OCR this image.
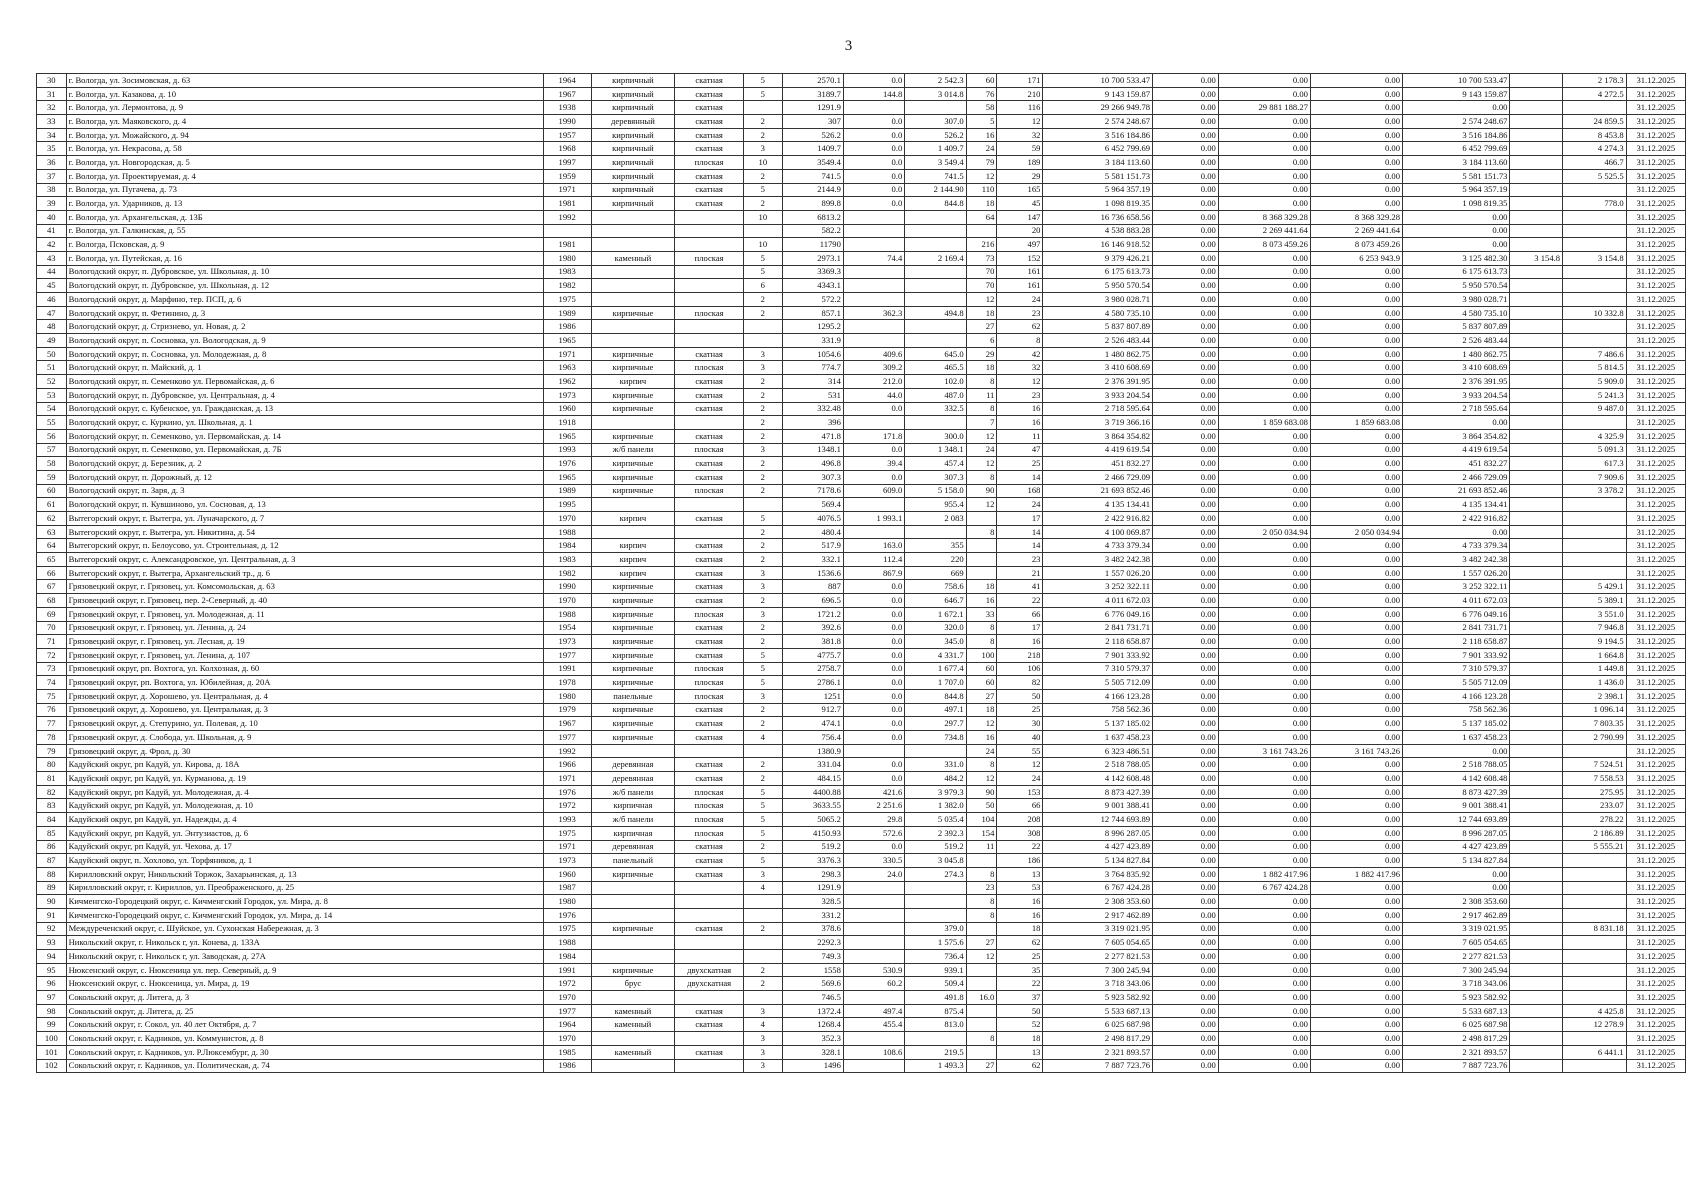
3
30	г. Вологда, ул. Зосимовская, д. 63	1964	кирпичный	скатная	5	2570.1	0.0	2 542.3	60	171	10 700 533.47	0.00	0.00	0.00	10 700 533.47		2 178.3	31.12.2025
31	г. Вологда, ул. Казакова, д. 10	1967	кирпичный	скатная	5	3189.7	144.8	3 014.8	76	210	9 143 159.87	0.00	0.00	0.00	9 143 159.87		4 272.5	31.12.2025
32	г. Вологда, ул. Лермонтова, д. 9	1938	кирпичный	скатная		1291.9			58	116	29 266 949.78	0.00	29 881 188.27	0.00	0.00			31.12.2025
33	г. Вологда, ул. Маяковского, д. 4	1990	деревянный	скатная	2	307	0.0	307.0	5	12	2 574 248.67	0.00	0.00	0.00	2 574 248.67		24 859.5	31.12.2025
34	г. Вологда, ул. Можайского, д. 94	1957	кирпичный	скатная	2	526.2	0.0	526.2	16	32	3 516 184.86	0.00	0.00	0.00	3 516 184.86		8 453.8	31.12.2025
35	г. Вологда, ул. Некрасова, д. 58	1968	кирпичный	скатная	3	1409.7	0.0	1 409.7	24	59	6 452 799.69	0.00	0.00	0.00	6 452 799.69		4 274.3	31.12.2025
36	г. Вологда, ул. Новгородская, д. 5	1997	кирпичный	плоская	10	3549.4	0.0	3 549.4	79	189	3 184 113.60	0.00	0.00	0.00	3 184 113.60		466.7	31.12.2025
37	г. Вологда, ул. Проектируемая, д. 4	1959	кирпичный	скатная	2	741.5	0.0	741.5	12	29	5 581 151.73	0.00	0.00	0.00	5 581 151.73		5 525.5	31.12.2025
38	г. Вологда, ул. Пугачева, д. 73	1971	кирпичный	скатная	5	2144.9	0.0	2 144.90	110	165	5 964 357.19	0.00	0.00	0.00	5 964 357.19			31.12.2025
39	г. Вологда, ул. Ударников, д. 13	1981	кирпичный	скатная	2	899.8	0.0	844.8	18	45	1 098 819.35	0.00	0.00	0.00	1 098 819.35		778.0	31.12.2025
40	г. Вологда, ул. Архангельская, д. 13Б	1992			10	6813.2			64	147	16 736 658.56	0.00	8 368 329.28	8 368 329.28	0.00			31.12.2025
41	г. Вологда, ул. Галкинская, д. 55					582.2				20	4 538 883.28	0.00	2 269 441.64	2 269 441.64	0.00			31.12.2025
42	г. Вологда, Псковская, д. 9	1981			10	11790			216	497	16 146 918.52	0.00	8 073 459.26	8 073 459.26	0.00			31.12.2025
43	г. Вологда, ул. Путейская, д. 16	1980	каменный	плоская	5	2973.1	74.4	2 169.4	73	152	9 379 426.21	0.00	0.00	6 253 943.9	3 125 482.30	3 154.8	3 154.8	31.12.2025
44	Вологодский округ, п. Дубровское, ул. Школьная, д. 10	1983			5	3369.3			70	161	6 175 613.73	0.00	0.00	0.00	6 175 613.73			31.12.2025
45	Вологодский округ, п. Дубровское, ул. Школьная, д. 12	1982			6	4343.1			70	161	5 950 570.54	0.00	0.00	0.00	5 950 570.54			31.12.2025
46	Вологодский округ, д. Марфино, тер. ПСП, д. 6	1975			2	572.2			12	24	3 980 028.71	0.00	0.00	0.00	3 980 028.71			31.12.2025
47	Вологодский округ, п. Фетинино, д. 3	1989	кирпичные	плоская	2	857.1	362.3	494.8	18	23	4 580 735.10	0.00	0.00	0.00	4 580 735.10		10 332.8	31.12.2025
48	Вологодский округ, д. Стризнево, ул. Новая, д. 2	1986				1295.2			27	62	5 837 807.89	0.00	0.00	0.00	5 837 807.89			31.12.2025
49	Вологодский округ, п. Сосновка, ул. Вологодская, д. 9	1965				331.9			6	8	2 526 483.44	0.00	0.00	0.00	2 526 483.44			31.12.2025
50	Вологодский округ, п. Сосновка, ул. Молодежная, д. 8	1971	кирпичные	скатная	3	1054.6	409.6	645.0	29	42	1 480 862.75	0.00	0.00	0.00	1 480 862.75		7 486.6	31.12.2025
51	Вологодский округ, п. Майский, д. 1	1963	кирпичные	плоская	3	774.7	309.2	465.5	18	32	3 410 608.69	0.00	0.00	0.00	3 410 608.69		5 814.5	31.12.2025
52	Вологодский округ, п. Семенково ул. Первомайская, д. 6	1962	кирпич	скатная	2	314	212.0	102.0	8	12	2 376 391.95	0.00	0.00	0.00	2 376 391.95		5 909.0	31.12.2025
53	Вологодский округ, п. Дубровское, ул. Центральная, д. 4	1973	кирпичные	скатная	2	531	44.0	487.0	11	23	3 933 204.54	0.00	0.00	0.00	3 933 204.54		5 241.3	31.12.2025
54	Вологодский округ, с. Кубенское, ул. Гражданская, д. 13	1960	кирпичные	скатная	2	332.48	0.0	332.5	8	16	2 718 595.64	0.00	0.00	0.00	2 718 595.64		9 487.0	31.12.2025
55	Вологодский округ, с. Куркино, ул. Школьная, д. 1	1918			2	396			7	16	3 719 366.16	0.00	1 859 683.08	1 859 683.08	0.00			31.12.2025
56	Вологодский округ, п. Семенково, ул. Первомайская, д. 14	1965	кирпичные	скатная	2	471.8	171.8	300.0	12	11	3 864 354.82	0.00	0.00	0.00	3 864 354.82		4 325.9	31.12.2025
57	Вологодский округ, п. Семенково, ул. Первомайская, д. 7Б	1993	ж/б панели	плоская	3	1348.1	0.0	1 348.1	24	47	4 419 619.54	0.00	0.00	0.00	4 419 619.54		5 091.3	31.12.2025
58	Вологодский округ, д. Березник, д. 2	1976	кирпичные	скатная	2	496.8	39.4	457.4	12	25	451 832.27	0.00	0.00	0.00	451 832.27		617.3	31.12.2025
59	Вологодский округ, п. Дорожный, д. 12	1965	кирпичные	скатная	2	307.3	0.0	307.3	8	14	2 466 729.09	0.00	0.00	0.00	2 466 729.09		7 909.6	31.12.2025
60	Вологодский округ, п. Заря, д. 3	1989	кирпичные	плоская	2	7178.6	609.0	5 158.0	90	168	21 693 852.46	0.00	0.00	0.00	21 693 852.46		3 378.2	31.12.2025
61	Вологодский округ, п. Кувшиново, ул. Сосновая, д. 13	1995				569.4		955.4	12	24	4 135 134.41	0.00	0.00	0.00	4 135 134.41			31.12.2025
62	Вытегорский округ, г. Вытегра, ул. Луначарского, д. 7	1970	кирпич	скатная	5	4076.5	1 993.1	2 083		17	2 422 916.82	0.00	0.00	0.00	2 422 916.82			31.12.2025
63	Вытегорский округ, г. Вытегра, ул. Никитина, д. 54	1988			2	480.4			8	14	4 100 069.87	0.00	2 050 034.94	2 050 034.94	0.00			31.12.2025
64	Вытегорский округ, п. Белоусово, ул. Строительная, д. 12	1984	кирпич	скатная	2	517.9	163.0	355		14	4 733 379.34	0.00	0.00	0.00	4 733 379.34			31.12.2025
65	Вытегорский округ, с. Александровское, ул. Центральная, д. 3	1983	кирпич	скатная	2	332.1	112.4	220		23	3 482 242.38	0.00	0.00	0.00	3 482 242.38			31.12.2025
66	Вытегорский округ, г. Вытегра, Архангельский тр., д. 6	1982	кирпич	скатная	3	1536.6	867.9	669		21	1 557 026.20	0.00	0.00	0.00	1 557 026.20			31.12.2025
67	Грязовецкий округ, г. Грязовец, ул. Комсомольская, д. 63	1990	кирпичные	скатная	3	887	0.0	758.6	18	41	3 252 322.11	0.00	0.00	0.00	3 252 322.11		5 429.1	31.12.2025
68	Грязовецкий округ, г. Грязовец, пер. 2-Северный, д. 40	1970	кирпичные	скатная	2	696.5	0.0	646.7	16	22	4 011 672.03	0.00	0.00	0.00	4 011 672.03		5 389.1	31.12.2025
69	Грязовецкий округ, г. Грязовец, ул. Молодежная, д. 11	1988	кирпичные	плоская	3	1721.2	0.0	1 672.1	33	66	6 776 049.16	0.00	0.00	0.00	6 776 049.16		3 551.0	31.12.2025
70	Грязовецкий округ, г. Грязовец, ул. Ленина, д. 24	1954	кирпичные	скатная	2	392.6	0.0	320.0	8	17	2 841 731.71	0.00	0.00	0.00	2 841 731.71		7 946.8	31.12.2025
71	Грязовецкий округ, г. Грязовец, ул. Лесная, д. 19	1973	кирпичные	скатная	2	381.8	0.0	345.0	8	16	2 118 658.87	0.00	0.00	0.00	2 118 658.87		9 194.5	31.12.2025
72	Грязовецкий округ, г. Грязовец, ул. Ленина, д. 107	1977	кирпичные	скатная	5	4775.7	0.0	4 331.7	100	218	7 901 333.92	0.00	0.00	0.00	7 901 333.92		1 664.8	31.12.2025
73	Грязовецкий округ, рп. Вохтога, ул. Колхозная, д. 60	1991	кирпичные	плоская	5	2758.7	0.0	1 677.4	60	106	7 310 579.37	0.00	0.00	0.00	7 310 579.37		1 449.8	31.12.2025
74	Грязовецкий округ, рп. Вохтога, ул. Юбилейная, д. 20А	1978	кирпичные	плоская	5	2786.1	0.0	1 707.0	60	82	5 505 712.09	0.00	0.00	0.00	5 505 712.09		1 436.0	31.12.2025
75	Грязовецкий округ, д. Хорошево, ул. Центральная, д. 4	1980	панельные	плоская	3	1251	0.0	844.8	27	50	4 166 123.28	0.00	0.00	0.00	4 166 123.28		2 398.1	31.12.2025
76	Грязовецкий округ, д. Хорошево, ул. Центральная, д. 3	1979	кирпичные	скатная	2	912.7	0.0	497.1	18	25	758 562.36	0.00	0.00	0.00	758 562.36		1 096.14	31.12.2025
77	Грязовецкий округ, д. Степурино, ул. Полевая, д. 10	1967	кирпичные	скатная	2	474.1	0.0	297.7	12	30	5 137 185.02	0.00	0.00	0.00	5 137 185.02		7 803.35	31.12.2025
78	Грязовецкий округ, д. Слобода, ул. Школьная, д. 9	1977	кирпичные	скатная	4	756.4	0.0	734.8	16	40	1 637 458.23	0.00	0.00	0.00	1 637 458.23		2 790.99	31.12.2025
79	Грязовецкий округ, д. Фрол, д. 30	1992				1380.9			24	55	6 323 486.51	0.00	3 161 743.26	3 161 743.26	0.00			31.12.2025
80	Кадуйский округ, рп Кадуй, ул. Кирова, д. 18А	1966	деревянная	скатная	2	331.04	0.0	331.0	8	12	2 518 788.05	0.00	0.00	0.00	2 518 788.05		7 524.51	31.12.2025
81	Кадуйский округ, рп Кадуй, ул. Курманова, д. 19	1971	деревянная	скатная	2	484.15	0.0	484.2	12	24	4 142 608.48	0.00	0.00	0.00	4 142 608.48		7 558.53	31.12.2025
82	Кадуйский округ, рп Кадуй, ул. Молодежная, д. 4	1976	ж/б панели	плоская	5	4400.88	421.6	3 979.3	90	153	8 873 427.39	0.00	0.00	0.00	8 873 427.39		275.95	31.12.2025
83	Кадуйский округ, рп Кадуй, ул. Молодежная, д. 10	1972	кирпичная	плоская	5	3633.55	2 251.6	1 382.0	50	66	9 001 388.41	0.00	0.00	0.00	9 001 388.41		233.07	31.12.2025
84	Кадуйский округ, рп Кадуй, ул. Надежды, д. 4	1993	ж/б панели	плоская	5	5065.2	29.8	5 035.4	104	208	12 744 693.89	0.00	0.00	0.00	12 744 693.89		278.22	31.12.2025
85	Кадуйский округ, рп Кадуй, ул. Энтузиастов, д. 6	1975	кирпичная	плоская	5	4150.93	572.6	2 392.3	154	308	8 996 287.05	0.00	0.00	0.00	8 996 287.05		2 186.89	31.12.2025
86	Кадуйский округ, рп Кадуй, ул. Чехова, д. 17	1971	деревянная	скатная	2	519.2	0.0	519.2	11	22	4 427 423.89	0.00	0.00	0.00	4 427 423.89		5 555.21	31.12.2025
87	Кадуйский округ, п. Хохлово, ул. Торфяников, д. 1	1973	панельный	скатная	5	3376.3	330.5	3 045.8		186	5 134 827.84	0.00	0.00	0.00	5 134 827.84			31.12.2025
88	Кирилловский округ, Никольский Торжок, Захарьинская, д. 13	1960	кирпичные	скатная	3	298.3	24.0	274.3	8	13	3 764 835.92	0.00	1 882 417.96	1 882 417.96	0.00			31.12.2025
89	Кирилловский округ, г. Кириллов, ул. Преображенского, д. 25	1987			4	1291.9			23	53	6 767 424.28	0.00	6 767 424.28	0.00	0.00			31.12.2025
90	Кичменгско-Городецкий округ, с. Кичменгский Городок, ул. Мира, д. 8	1980				328.5			8	16	2 308 353.60	0.00	0.00	0.00	2 308 353.60			31.12.2025
91	Кичменгско-Городецкий округ, с. Кичменгский Городок, ул. Мира, д. 14	1976				331.2			8	16	2 917 462.89	0.00	0.00	0.00	2 917 462.89			31.12.2025
92	Междуреченский округ, с. Шуйское, ул. Сухонская Набережная, д. 3	1975	кирпичные	скатная	2	378.6		379.0		18	3 319 021.95	0.00	0.00	0.00	3 319 021.95		8 831.18	31.12.2025
93	Никольский округ, г. Никольск г, ул. Конева, д. 133А	1988				2292.3		1 575.6	27	62	7 605 054.65	0.00	0.00	0.00	7 605 054.65			31.12.2025
94	Никольский округ, г. Никольск г, ул. Заводская, д. 27А	1984				749.3		736.4	12	25	2 277 821.53	0.00	0.00	0.00	2 277 821.53			31.12.2025
95	Нюксенский округ, с. Нюксеница ул. пер. Северный, д. 9	1991	кирпичные	двухскатная	2	1558	530.9	939.1		35	7 300 245.94	0.00	0.00	0.00	7 300 245.94			31.12.2025
96	Нюксенский округ, с. Нюксеница, ул. Мира, д. 19	1972	брус	двухскатная	2	569.6	60.2	509.4		22	3 718 343.06	0.00	0.00	0.00	3 718 343.06			31.12.2025
97	Сокольский округ, д. Литега, д. 3	1970				746.5		491.8	16.0	37	5 923 582.92	0.00	0.00	0.00	5 923 582.92			31.12.2025
98	Сокольский округ, д. Литега, д. 25	1977	каменный	скатная	3	1372.4	497.4	875.4		50	5 533 687.13	0.00	0.00	0.00	5 533 687.13		4 425.8	31.12.2025
99	Сокольский округ, г. Сокол, ул. 40 лет Октября, д. 7	1964	каменный	скатная	4	1268.4	455.4	813.0		52	6 025 687.98	0.00	0.00	0.00	6 025 687.98		12 278.9	31.12.2025
100	Сокольский округ, г. Кадников, ул. Коммунистов, д. 8	1970			3	352.3			8	18	2 498 817.29	0.00	0.00	0.00	2 498 817.29			31.12.2025
101	Сокольский округ, г. Кадников, ул. Р.Люксембург, д. 30	1985	каменный	скатная	3	328.1	108.6	219.5		13	2 321 893.57	0.00	0.00	0.00	2 321 893.57		6 441.1	31.12.2025
102	Сокольский округ, г. Кадников, ул. Политическая, д. 74	1986			3	1496		1 493.3	27	62	7 887 723.76	0.00	0.00	0.00	7 887 723.76			31.12.2025
